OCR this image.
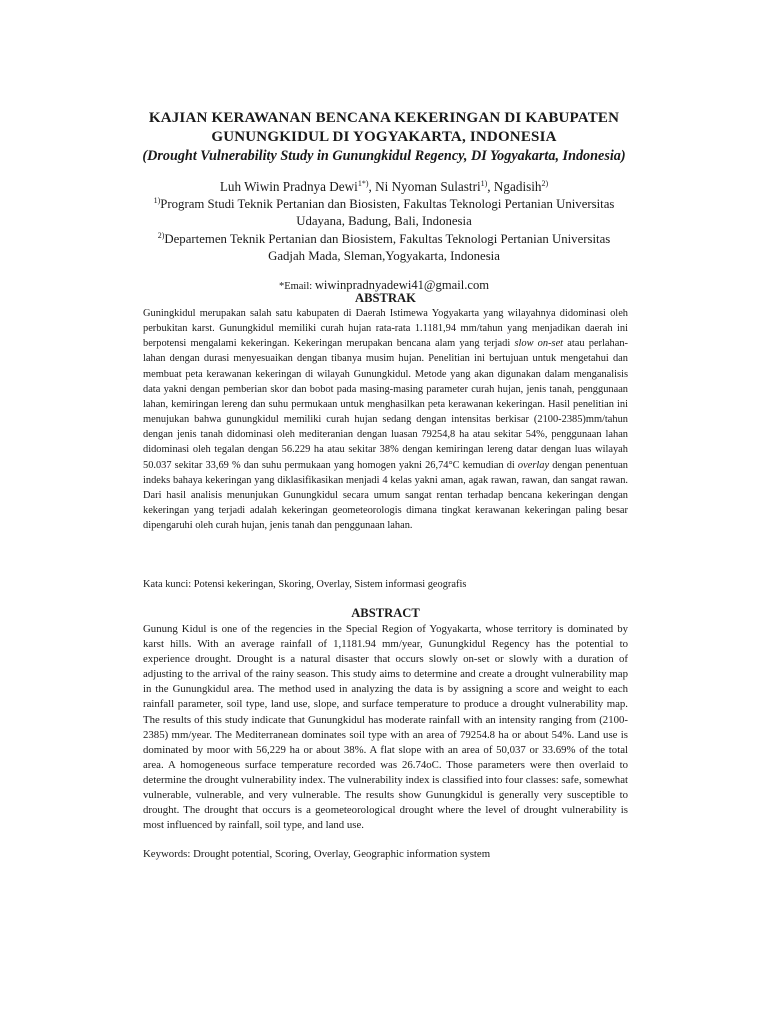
KAJIAN KERAWANAN BENCANA KEKERINGAN DI KABUPATEN
GUNUNGKIDUL DI YOGYAKARTA, INDONESIA
(Drought Vulnerability Study in Gunungkidul Regency, DI Yogyakarta, Indonesia)
Luh Wiwin Pradnya Dewi$^{1*)}$, Ni Nyoman Sulastri$^{1)}$, Ngadisih$^{2)}$
$^{1)}$Program Studi Teknik Pertanian dan Biosisten, Fakultas Teknologi Pertanian Universitas
Udayana, Badung, Bali, Indonesia
$^{2)}$Departemen Teknik Pertanian dan Biosistem, Fakultas Teknologi Pertanian Universitas
Gadjah Mada, Sleman,Yogyakarta, Indonesia
*Email: wiwinpradnyadewi41@gmail.com
ABSTRAK

Guningkidul merupakan salah satu kabupaten di Daerah Istimewa Yogyakarta yang wilayahnya didominasi oleh perbukitan karst. Gunungkidul memiliki curah hujan rata-rata 1.1181,94 mm/tahun yang menjadikan daerah ini berpotensi mengalami kekeringan. Kekeringan merupakan bencana alam yang terjadi slow on-set atau perlahan-lahan dengan durasi menyesuaikan dengan tibanya musim hujan. Penelitian ini bertujuan untuk mengetahui dan membuat peta kerawanan kekeringan di wilayah Gunungkidul. Metode yang akan digunakan dalam menganalisis data yakni dengan pemberian skor dan bobot pada masing-masing parameter curah hujan, jenis tanah, penggunaan lahan, kemiringan lereng dan suhu permukaan untuk menghasilkan peta kerawanan kekeringan. Hasil penelitian ini menujukan bahwa gunungkidul memiliki curah hujan sedang dengan intensitas berkisar (2100-2385)mm/tahun dengan jenis tanah didominasi oleh mediteranian dengan luasan 79254,8 ha atau sekitar 54%, penggunaan lahan didominasi oleh tegalan dengan 56.229 ha atau sekitar 38% dengan kemiringan lereng datar dengan luas wilayah 50.037 sekitar 33,69 % dan suhu permukaan yang homogen yakni 26,74°C kemudian di overlay dengan penentuan indeks bahaya kekeringan yang diklasifikasikan menjadi 4 kelas yakni aman, agak rawan, rawan, dan sangat rawan. Dari hasil analisis menunjukan Gunungkidul secara umum sangat rentan terhadap bencana kekeringan dengan kekeringan yang terjadi adalah kekeringan geometeorologis dimana tingkat kerawanan kekeringan paling besar dipengaruhi oleh curah hujan, jenis tanah dan penggunaan lahan.

Kata kunci: Potensi kekeringan, Skoring, Overlay, Sistem informasi geografis
ABSTRACT

Gunung Kidul is one of the regencies in the Special Region of Yogyakarta, whose territory is dominated by karst hills. With an average rainfall of 1,1181.94 mm/year, Gunungkidul Regency has the potential to experience drought. Drought is a natural disaster that occurs slowly on-set or slowly with a duration of adjusting to the arrival of the rainy season. This study aims to determine and create a drought vulnerability map in the Gunungkidul area. The method used in analyzing the data is by assigning a score and weight to each rainfall parameter, soil type, land use, slope, and surface temperature to produce a drought vulnerability map. The results of this study indicate that Gunungkidul has moderate rainfall with an intensity ranging from (2100-2385) mm/year. The Mediterranean dominates soil type with an area of 79254.8 ha or about 54%. Land use is dominated by moor with 56,229 ha or about 38%. A flat slope with an area of 50,037 or 33.69% of the total area. A homogeneous surface temperature recorded was 26.74oC. Those parameters were then overlaid to determine the drought vulnerability index. The vulnerability index is classified into four classes: safe, somewhat vulnerable, vulnerable, and very vulnerable. The results show Gunungkidul is generally very susceptible to drought. The drought that occurs is a geometeorological drought where the level of drought vulnerability is most influenced by rainfall, soil type, and land use.

Keywords: Drought potential, Scoring, Overlay, Geographic information system
